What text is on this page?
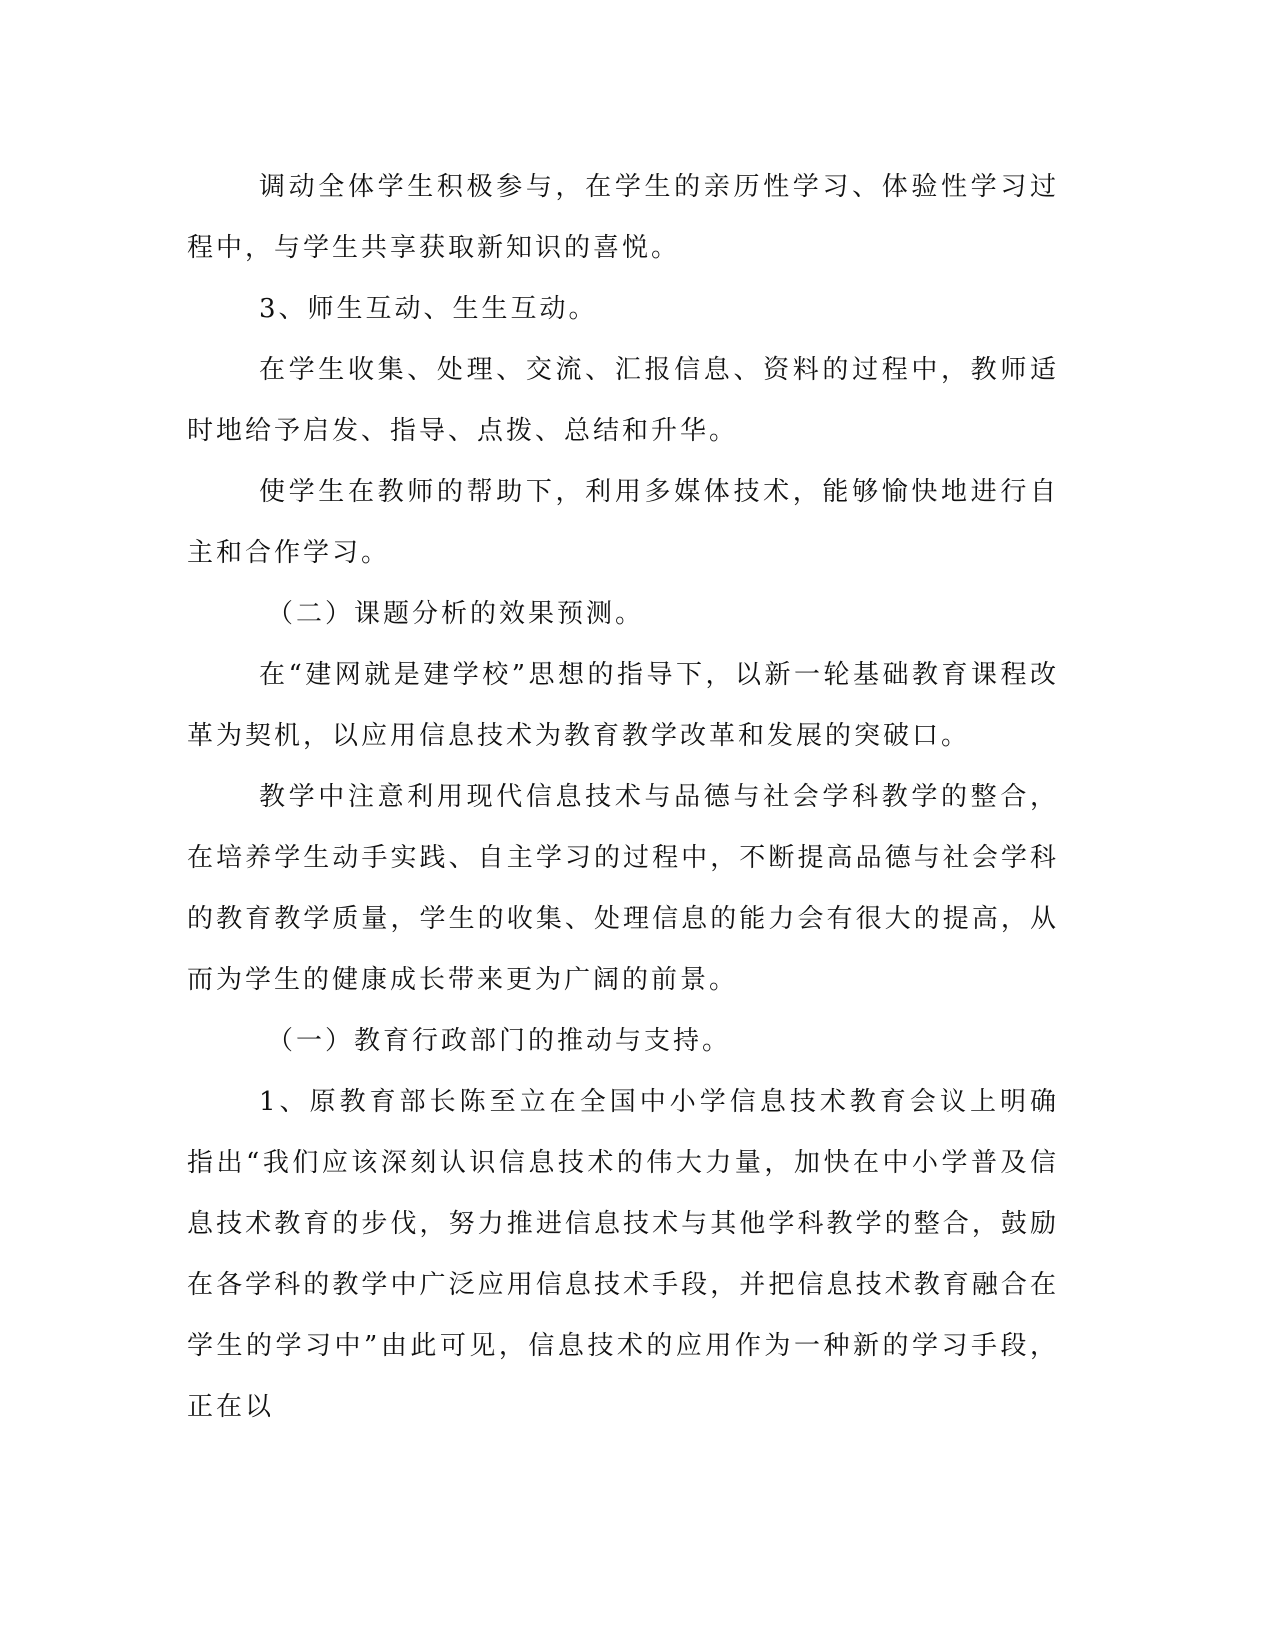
调动全体学生积极参与，在学生的亲历性学习、体验性学习过程中，与学生共享获取新知识的喜悦。

3、师生互动、生生互动。

在学生收集、处理、交流、汇报信息、资料的过程中，教师适时地给予启发、指导、点拨、总结和升华。

使学生在教师的帮助下，利用多媒体技术，能够愉快地进行自主和合作学习。

（二）课题分析的效果预测。

在“建网就是建学校”思想的指导下，以新一轮基础教育课程改革为契机，以应用信息技术为教育教学改革和发展的突破口。

教学中注意利用现代信息技术与品德与社会学科教学的整合，在培养学生动手实践、自主学习的过程中，不断提高品德与社会学科的教育教学质量，学生的收集、处理信息的能力会有很大的提高，从而为学生的健康成长带来更为广阔的前景。

（一）教育行政部门的推动与支持。

1、原教育部长陈至立在全国中小学信息技术教育会议上明确指出“我们应该深刻认识信息技术的伟大力量，加快在中小学普及信息技术教育的步伐，努力推进信息技术与其他学科教学的整合，鼓励在各学科的教学中广泛应用信息技术手段，并把信息技术教育融合在学生的学习中”由此可见，信息技术的应用作为一种新的学习手段，正在以
